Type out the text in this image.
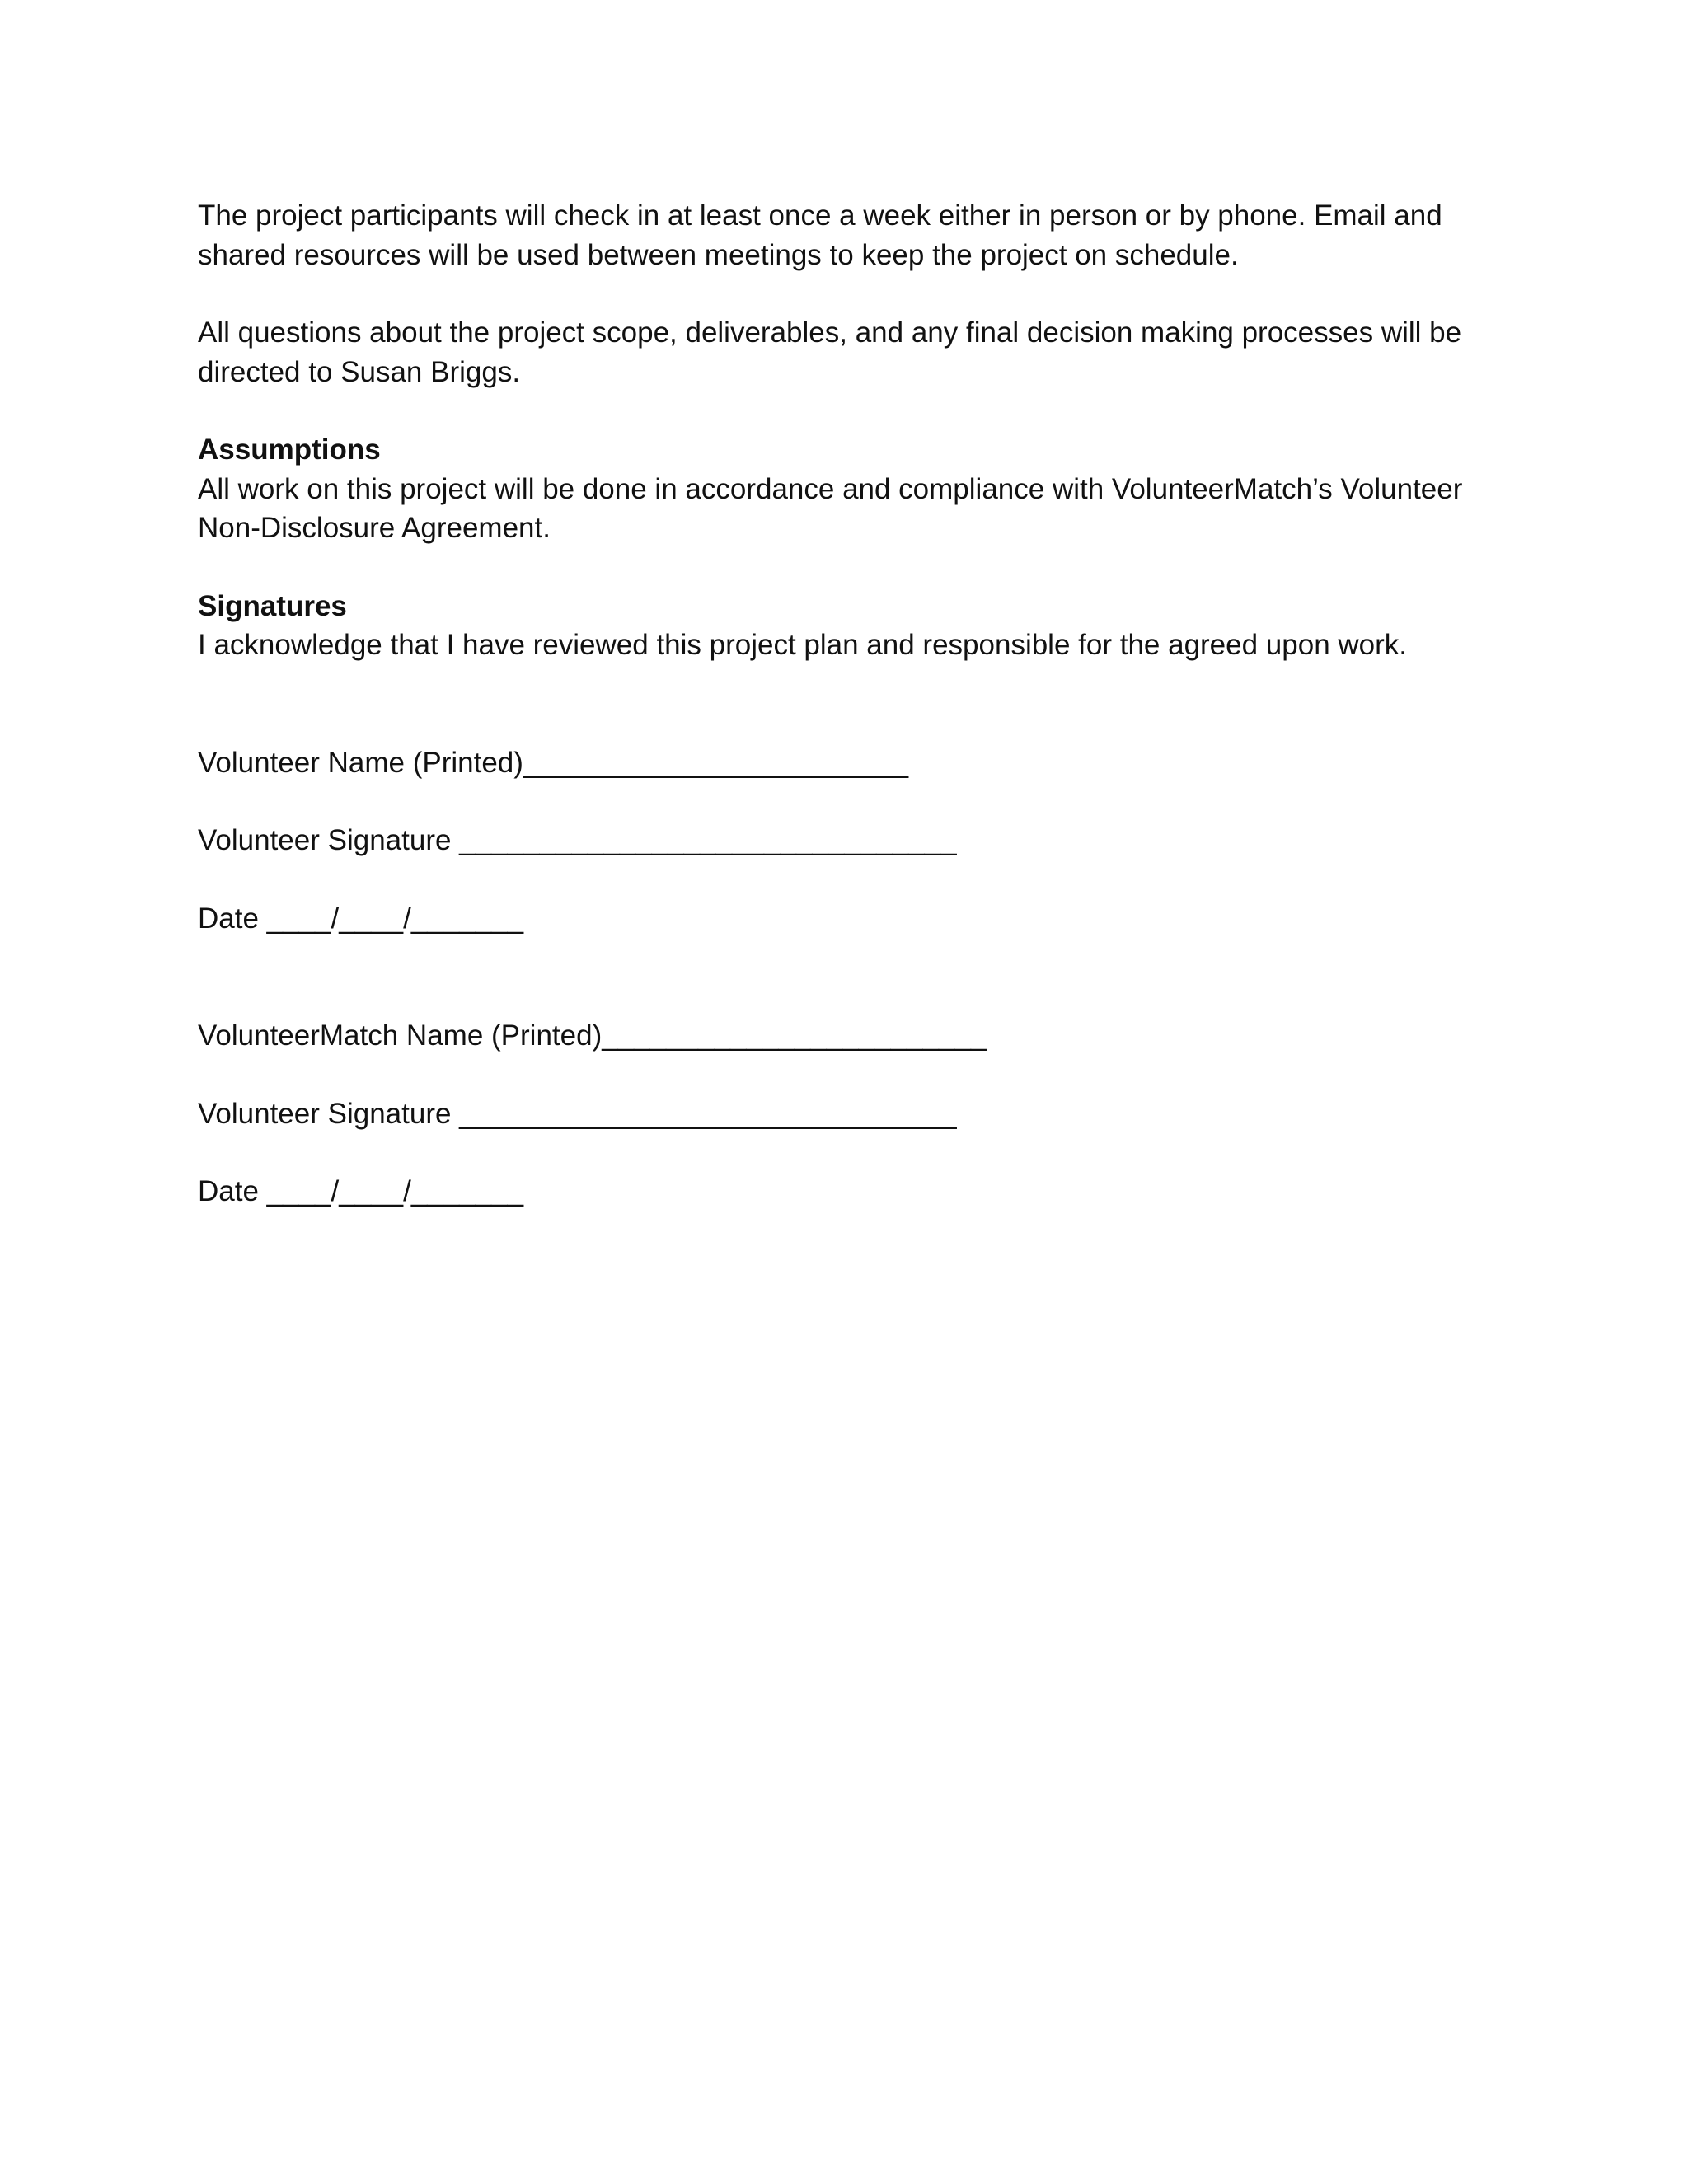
The project participants will check in at least once a week either in person or by phone. Email and shared resources will be used between meetings to keep the project on schedule.

All questions about the project scope, deliverables, and any final decision making processes will be directed to Susan Briggs.

Assumptions

All work on this project will be done in accordance and compliance with VolunteerMatch’s Volunteer Non-Disclosure Agreement.

Signatures

I acknowledge that I have reviewed this project plan and responsible for the agreed upon work.

Volunteer Name (Printed)________________________

Volunteer Signature _______________________________

Date ____/____/_______

VolunteerMatch Name (Printed)________________________

Volunteer Signature _______________________________

Date ____/____/_______
